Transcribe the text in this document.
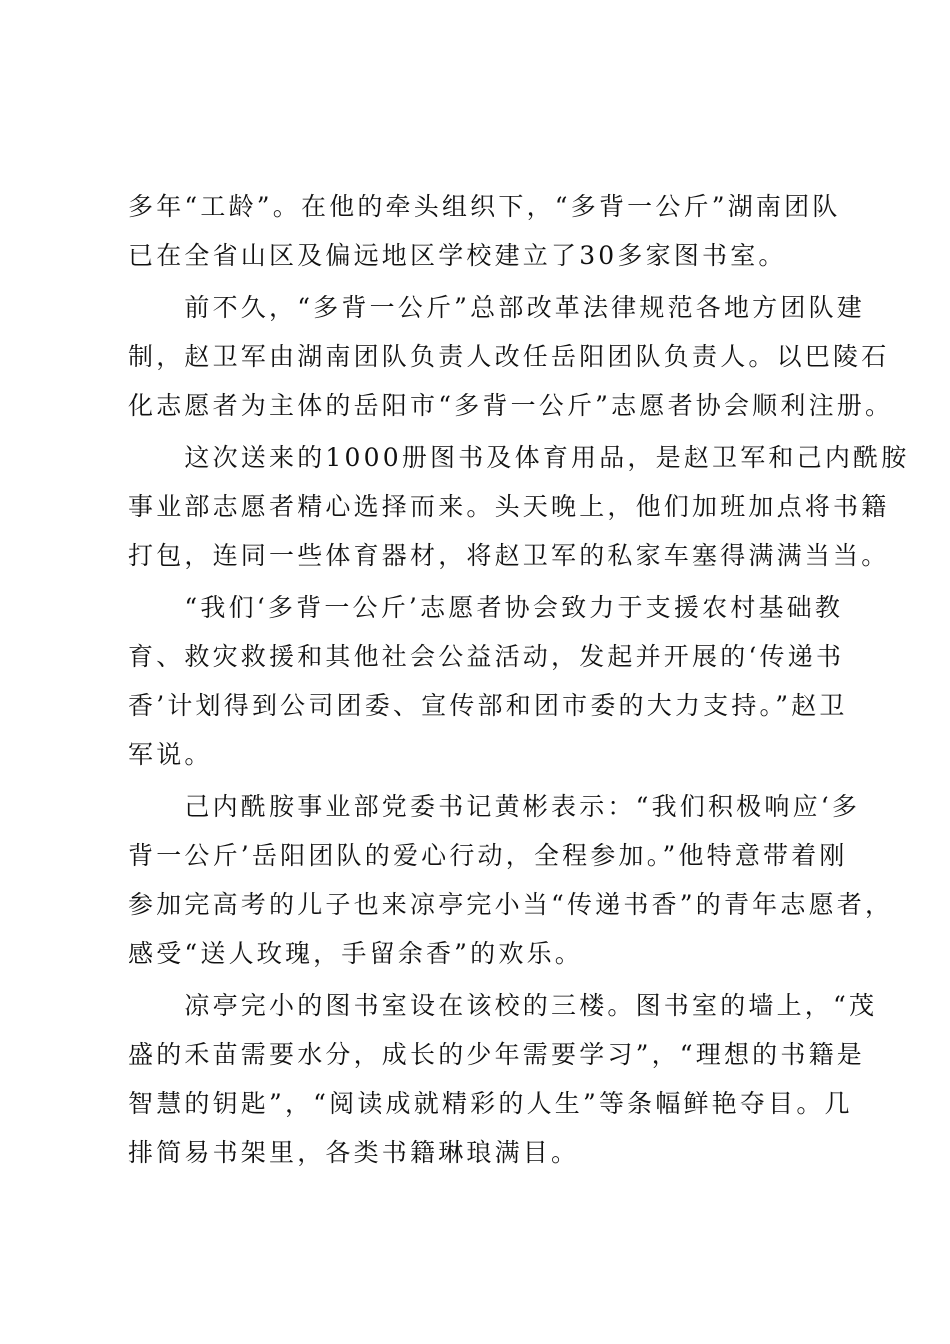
多年“工龄”。在他的牵头组织下，“多背一公斤”湖南团队
已在全省山区及偏远地区学校建立了30多家图书室。

　　前不久，“多背一公斤”总部改革法律规范各地方团队建
制，赵卫军由湖南团队负责人改任岳阳团队负责人。以巴陵石
化志愿者为主体的岳阳市“多背一公斤”志愿者协会顺利注册。

　　这次送来的1000册图书及体育用品，是赵卫军和己内酰胺
事业部志愿者精心选择而来。头天晚上，他们加班加点将书籍
打包，连同一些体育器材，将赵卫军的私家车塞得满满当当。

　　“我们‘多背一公斤’志愿者协会致力于支援农村基础教
育、救灾救援和其他社会公益活动，发起并开展的‘传递书
香’计划得到公司团委、宣传部和团市委的大力支持。”赵卫
军说。

　　己内酰胺事业部党委书记黄彬表示：“我们积极响应‘多
背一公斤’岳阳团队的爱心行动，全程参加。”他特意带着刚
参加完高考的儿子也来凉亭完小当“传递书香”的青年志愿者，
感受“送人玫瑰，手留余香”的欢乐。

　　凉亭完小的图书室设在该校的三楼。图书室的墙上，“茂
盛的禾苗需要水分，成长的少年需要学习”，“理想的书籍是
智慧的钥匙”，“阅读成就精彩的人生”等条幅鲜艳夺目。几
排简易书架里，各类书籍琳琅满目。
